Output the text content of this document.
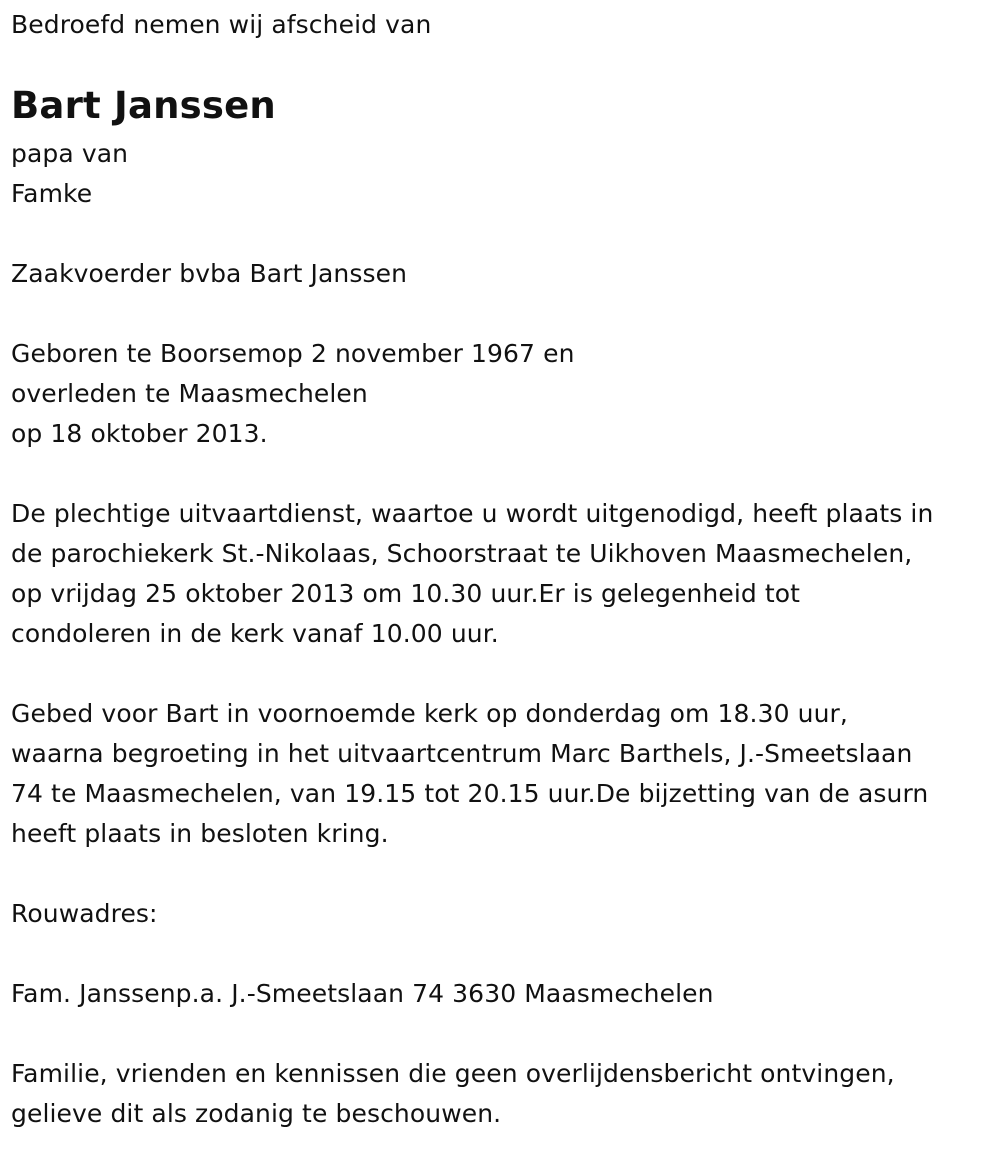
Bedroefd nemen wij afscheid van
Bart Janssen
papa van
Famke
Zaakvoerder bvba Bart Janssen
Geboren te Boorsemop 2 november 1967 en
overleden te Maasmechelen
op 18 oktober 2013.
De plechtige uitvaartdienst, waartoe u wordt uitgenodigd, heeft plaats in
de parochiekerk St.-Nikolaas, Schoorstraat te Uikhoven Maasmechelen,
op vrijdag 25 oktober 2013 om 10.30 uur.Er is gelegenheid tot
condoleren in de kerk vanaf 10.00 uur.
Gebed voor Bart in voornoemde kerk op donderdag om 18.30 uur,
waarna begroeting in het uitvaartcentrum Marc Barthels, J.-Smeetslaan
74 te Maasmechelen, van 19.15 tot 20.15 uur.De bijzetting van de asurn
heeft plaats in besloten kring.
Rouwadres:
Fam. Janssenp.a. J.-Smeetslaan 74 3630 Maasmechelen
Familie, vrienden en kennissen die geen overlijdensbericht ontvingen,
gelieve dit als zodanig te beschouwen.
